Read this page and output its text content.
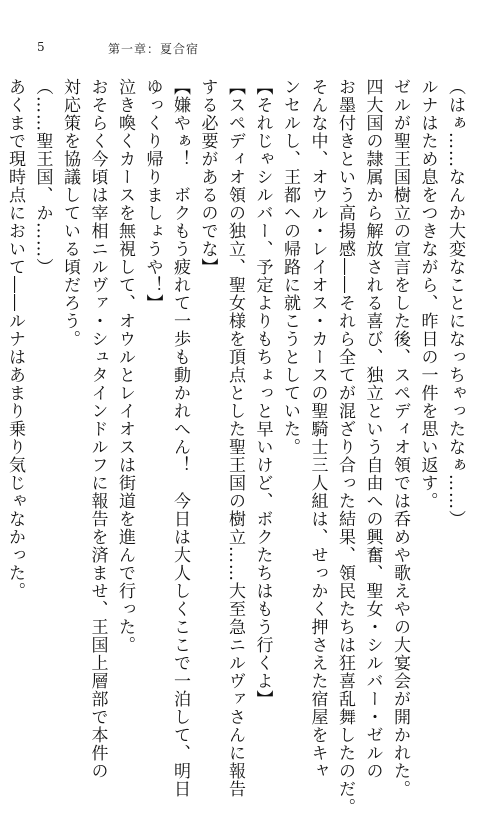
5	第一章：夏合宿
（はぁ……なんか大変なことになっちゃったなぁ……）
ルナはため息をつきながら、昨日の一件を思い返す。
ゼルが聖王国樹立の宣言をした後、スペディオ領では呑めや歌えやの大宴会が開かれた。
四大国の隷属から解放される喜び、独立という自由への興奮、聖女・シルバー・ゼルの
お墨付きという高揚感――それら全てが混ざり合った結果、領民たちは狂喜乱舞したのだ。
そんな中、オウル・レイオス・カースの聖騎士三人組は、せっかく押さえた宿屋をキャ
ンセルし、王都への帰路に就こうとしていた。
【それじゃシルバー、予定よりもちょっと早いけど、ボクたちはもう行くよ】
【スペディオ領の独立、聖女様を頂点とした聖王国の樹立……大至急ニルヴァさんに報告
する必要があるのでな】
【嫌やぁ！　ボクもう疲れて一歩も動かれへん！　今日は大人しくここで一泊して、明日
ゆっくり帰りましょうや！】
泣き喚くカースを無視して、オウルとレイオスは街道を進んで行った。
おそらく今頃は宰相ニルヴァ・シュタインドルフに報告を済ませ、王国上層部で本件の
対応策を協議している頃だろう。
（……聖王国、か……）
あくまで現時点において――ルナはあまり乗り気じゃなかった。
